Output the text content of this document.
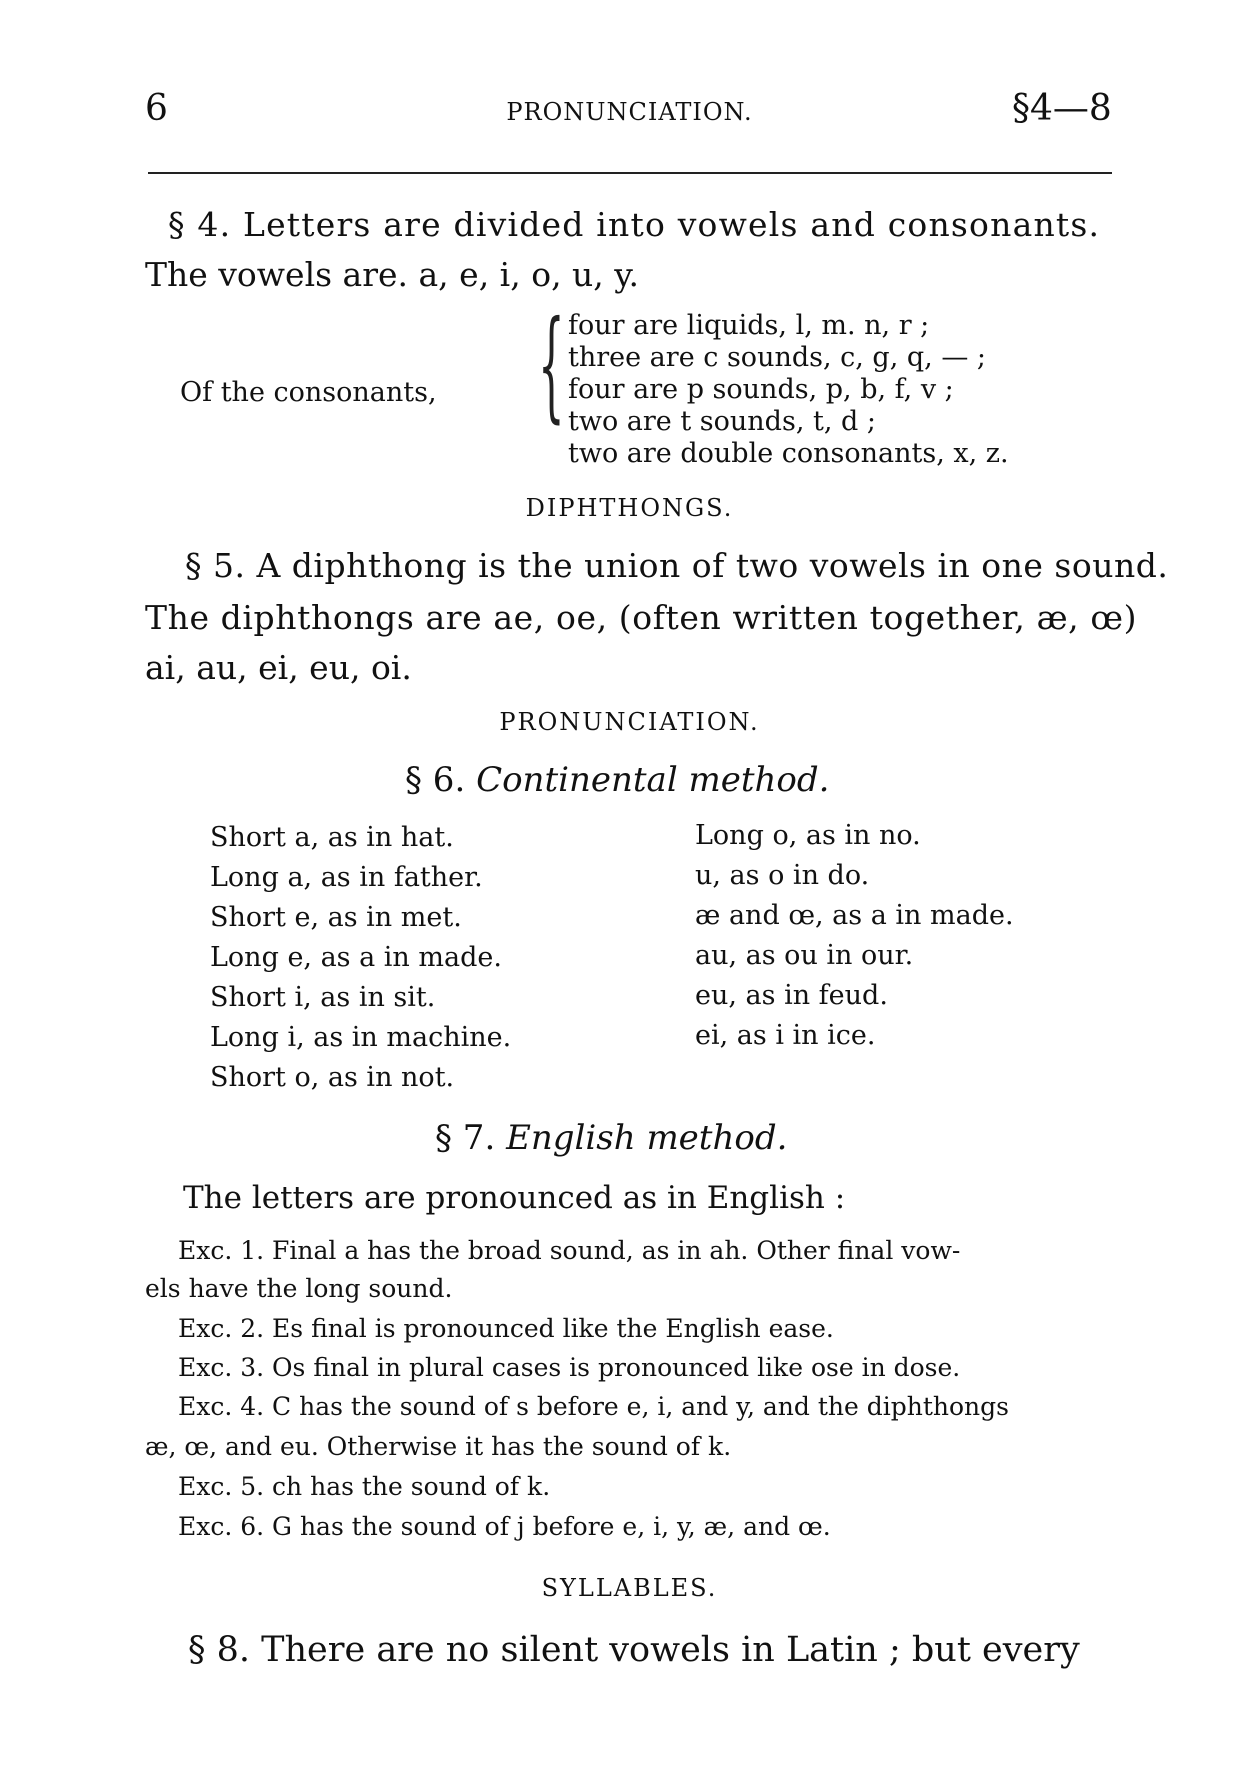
6	PRONUNCIATION.	§4—8
§ 4. Letters are divided into vowels and consonants.
The vowels are. a, e, i, o, u, y.
Of the consonants, { four are liquids, l, m. n, r ;
three are c sounds, c, g, q, — ;
four are p sounds, p, b, f, v ;
two are t sounds, t, d ;
two are double consonants, x, z.
DIPHTHONGS.
§ 5. A diphthong is the union of two vowels in one sound.
The diphthongs are ae, oe, (often written together, æ, œ)
ai, au, ei, eu, oi.
PRONUNCIATION.
§ 6. Continental method.
Short a, as in hat.
Long a, as in father.
Short e, as in met.
Long e, as a in made.
Short i, as in sit.
Long i, as in machine.
Short o, as in not.
Long o, as in no.
u, as o in do.
æ and œ, as a in made.
au, as ou in our.
eu, as in feud.
ei, as i in ice.
§ 7. English method.
The letters are pronounced as in English :
Exc. 1. Final a has the broad sound, as in ah. Other final vow-
els have the long sound.
Exc. 2. Es final is pronounced like the English ease.
Exc. 3. Os final in plural cases is pronounced like ose in dose.
Exc. 4. C has the sound of s before e, i, and y, and the diphthongs
æ, œ, and eu. Otherwise it has the sound of k.
Exc. 5. ch has the sound of k.
Exc. 6. G has the sound of j before e, i, y, æ, and œ.
SYLLABLES.
§ 8. There are no silent vowels in Latin ; but every
